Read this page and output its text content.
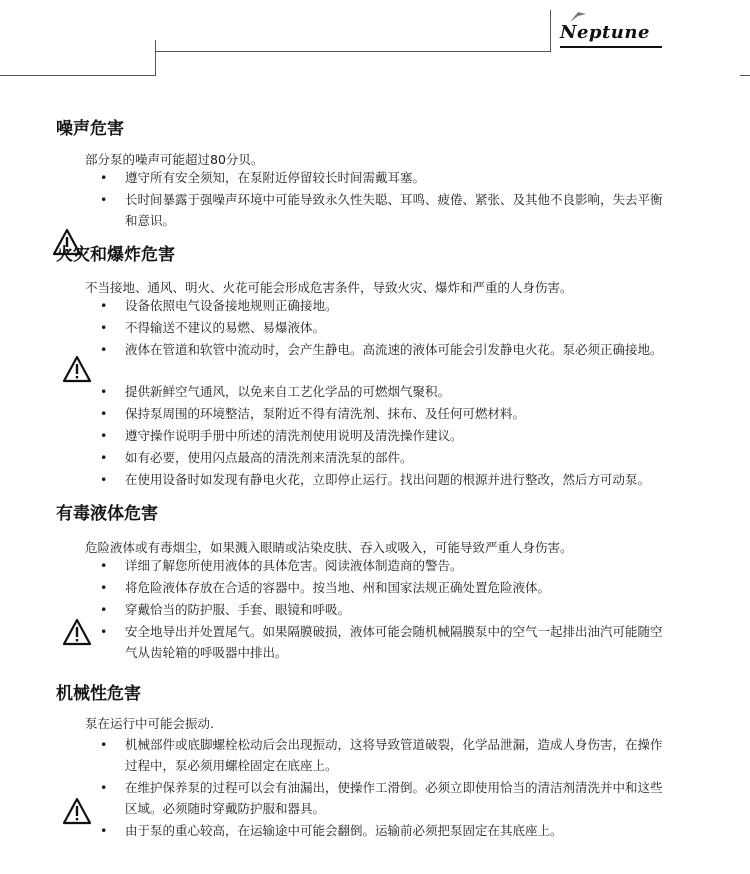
Neptune
噪声危害

部分泵的噪声可能超过80分贝。

•	遵守所有安全须知，在泵附近停留较长时间需戴耳塞。
•	长时间暴露于强噪声环境中可能导致永久性失聪、耳鸣、疲倦、紧张、及其他不良影响，失去平衡和意识。
火灾和爆炸危害

不当接地、通风、明火、火花可能会形成危害条件，导致火灾、爆炸和严重的人身伤害。

•	设备依照电气设备接地规则正确接地。
•	不得输送不建议的易燃、易爆液体。
•	液体在管道和软管中流动时，会产生静电。高流速的液体可能会引发静电火花。泵必须正确接地。
•	提供新鲜空气通风，以免来自工艺化学品的可燃烟气聚积。
•	保持泵周围的环境整洁，泵附近不得有清洗剂、抹布、及任何可燃材料。
•	遵守操作说明手册中所述的清洗剂使用说明及清洗操作建议。
•	如有必要，使用闪点最高的清洗剂来清洗泵的部件。
•	在使用设备时如发现有静电火花，立即停止运行。找出问题的根源并进行整改，然后方可动泵。
有毒液体危害

危险液体或有毒烟尘，如果溅入眼睛或沾染皮肤、吞入或吸入，可能导致严重人身伤害。

•	详细了解您所使用液体的具体危害。阅读液体制造商的警告。
•	将危险液体存放在合适的容器中。按当地、州和国家法规正确处置危险液体。
•	穿戴恰当的防护服、手套、眼镜和呼吸。
•	安全地导出并处置尾气。如果隔膜破损，液体可能会随机械隔膜泵中的空气一起排出油汽可能随空气从齿轮箱的呼吸器中排出。
机械性危害

泵在运行中可能会振动.

•	机械部件或底脚螺栓松动后会出现振动，这将导致管道破裂，化学品泄漏，造成人身伤害，在操作过程中，泵必须用螺栓固定在底座上。
•	在维护保养泵的过程可以会有油漏出，使操作工滑倒。必须立即使用恰当的清洁剂清洗并中和这些区域。必须随时穿戴防护服和器具。
•	由于泵的重心较高，在运输途中可能会翻倒。运输前必须把泵固定在其底座上。
